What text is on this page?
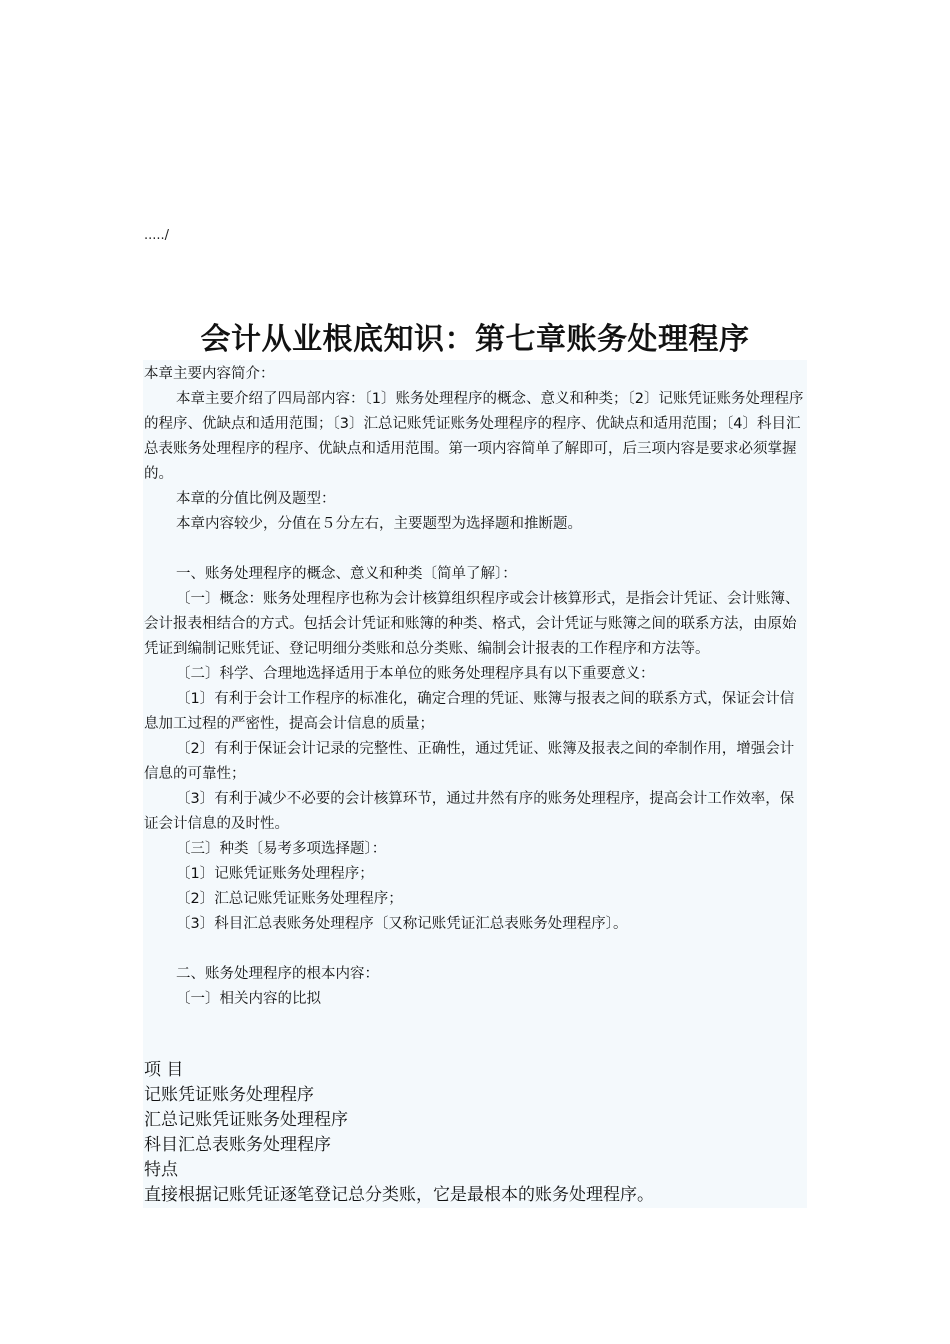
...../
会计从业根底知识：第七章账务处理程序

本章主要内容简介：

本章主要介绍了四局部内容：〔1〕账务处理程序的概念、意义和种类；〔2〕记账凭证账务处理程序的程序、优缺点和适用范围；〔3〕汇总记账凭证账务处理程序的程序、优缺点和适用范围；〔4〕科目汇总表账务处理程序的程序、优缺点和适用范围。第一项内容简单了解即可，后三项内容是要求必须掌握的。

本章的分值比例及题型：

本章内容较少，分值在５分左右，主要题型为选择题和推断题。

一、账务处理程序的概念、意义和种类〔简单了解〕：

〔一〕概念：账务处理程序也称为会计核算组织程序或会计核算形式，是指会计凭证、会计账簿、会计报表相结合的方式。包括会计凭证和账簿的种类、格式，会计凭证与账簿之间的联系方法，由原始凭证到编制记账凭证、登记明细分类账和总分类账、编制会计报表的工作程序和方法等。

〔二〕科学、合理地选择适用于本单位的账务处理程序具有以下重要意义：

〔1〕有利于会计工作程序的标准化，确定合理的凭证、账簿与报表之间的联系方式，保证会计信息加工过程的严密性，提高会计信息的质量；

〔2〕有利于保证会计记录的完整性、正确性，通过凭证、账簿及报表之间的牵制作用，增强会计信息的可靠性；

〔3〕有利于减少不必要的会计核算环节，通过井然有序的账务处理程序，提高会计工作效率，保证会计信息的及时性。

〔三〕种类〔易考多项选择题〕：

〔1〕记账凭证账务处理程序；

〔2〕汇总记账凭证账务处理程序；

〔3〕科目汇总表账务处理程序〔又称记账凭证汇总表账务处理程序〕。

二、账务处理程序的根本内容：

〔一〕相关内容的比拟

项 目
记账凭证账务处理程序
汇总记账凭证账务处理程序
科目汇总表账务处理程序
特点
直接根据记账凭证逐笔登记总分类账，它是最根本的账务处理程序。
